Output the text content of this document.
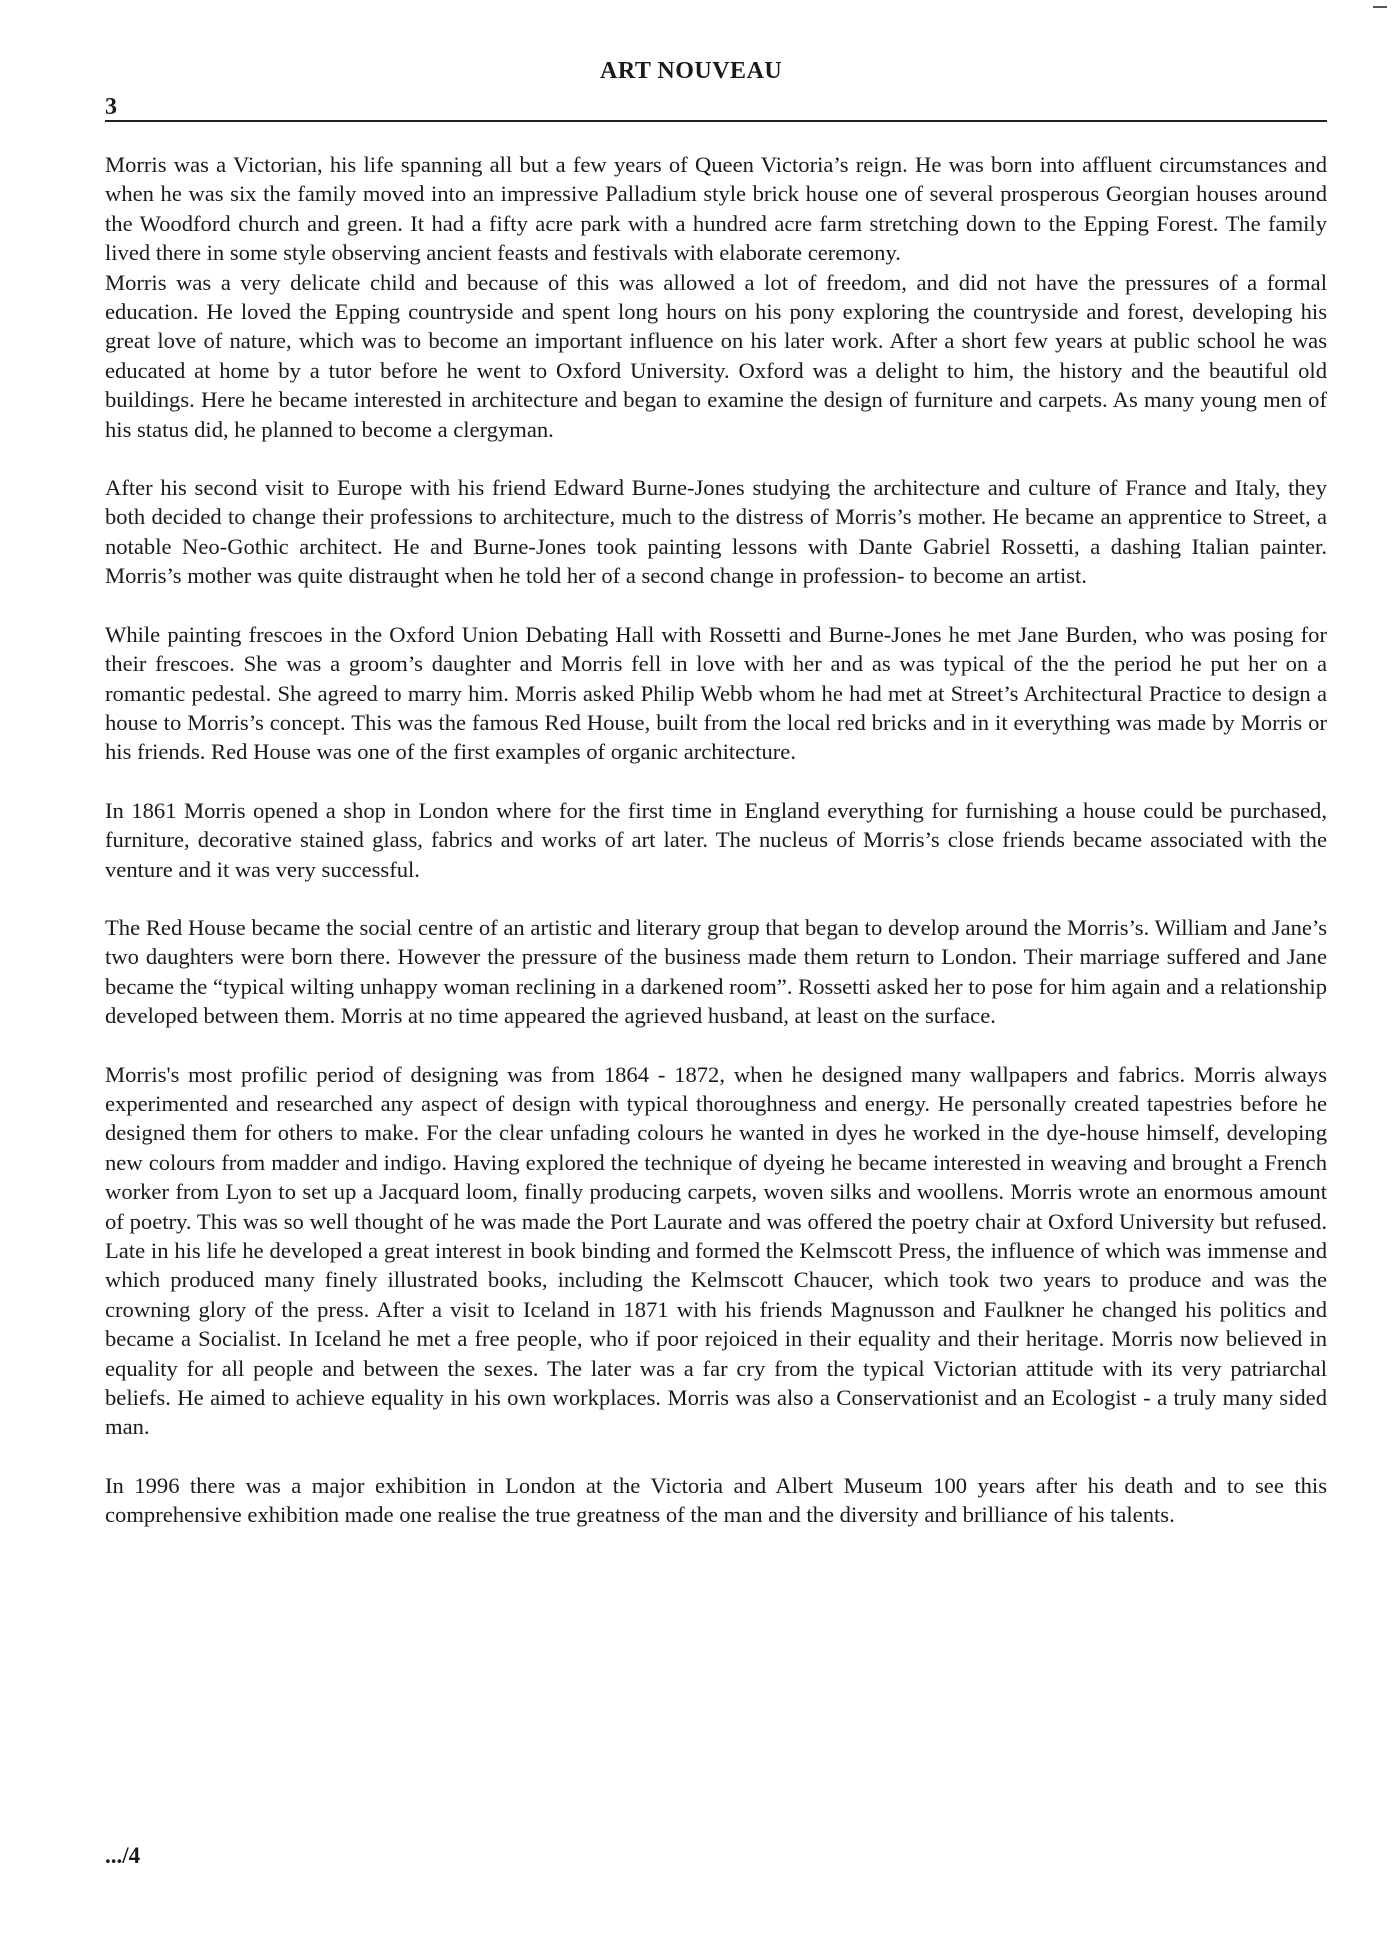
ART NOUVEAU
3

Morris was a Victorian, his life spanning all but a few years of Queen Victoria’s reign. He was born into affluent circumstances and when he was six the family moved into an impressive Palladium style brick house one of several prosperous Georgian houses around the Woodford church and green. It had a fifty acre park with a hundred acre farm stretching down to the Epping Forest. The family lived there in some style observing ancient feasts and festivals with elaborate ceremony.

Morris was a very delicate child and because of this was allowed a lot of freedom, and did not have the pressures of a formal education. He loved the Epping countryside and spent long hours on his pony exploring the countryside and forest, developing his great love of nature, which was to become an important influence on his later work. After a short few years at public school he was educated at home by a tutor before he went to Oxford University. Oxford was a delight to him, the history and the beautiful old buildings. Here he became interested in architecture and began to examine the design of furniture and carpets. As many young men of his status did, he planned to become a clergyman.

After his second visit to Europe with his friend Edward Burne-Jones studying the architecture and culture of France and Italy, they both decided to change their professions to architecture, much to the distress of Morris’s mother. He became an apprentice to Street, a notable Neo-Gothic architect. He and Burne-Jones took painting lessons with Dante Gabriel Rossetti, a dashing Italian painter. Morris’s mother was quite distraught when he told her of a second change in profession- to become an artist.

While painting frescoes in the Oxford Union Debating Hall with Rossetti and Burne-Jones he met Jane Burden, who was posing for their frescoes. She was a groom’s daughter and Morris fell in love with her and as was typical of the the period he put her on a romantic pedestal. She agreed to marry him. Morris asked Philip Webb whom he had met at Street’s Architectural Practice to design a house to Morris’s concept. This was the famous Red House, built from the local red bricks and in it everything was made by Morris or his friends. Red House was one of the first examples of organic architecture.

In 1861 Morris opened a shop in London where for the first time in England everything for furnishing a house could be purchased, furniture, decorative stained glass, fabrics and works of art later. The nucleus of Morris’s close friends became associated with the venture and it was very successful.

The Red House became the social centre of an artistic and literary group that began to develop around the Morris’s. William and Jane’s two daughters were born there. However the pressure of the business made them return to London. Their marriage suffered and Jane became the “typical wilting unhappy woman reclining in a darkened room”. Rossetti asked her to pose for him again and a relationship developed between them. Morris at no time appeared the agrieved husband, at least on the surface.

Morris's most profilic period of designing was from 1864 - 1872, when he designed many wallpapers and fabrics. Morris always experimented and researched any aspect of design with typical thoroughness and energy. He personally created tapestries before he designed them for others to make. For the clear unfading colours he wanted in dyes he worked in the dye-house himself, developing new colours from madder and indigo. Having explored the technique of dyeing he became interested in weaving and brought a French worker from Lyon to set up a Jacquard loom, finally producing carpets, woven silks and woollens. Morris wrote an enormous amount of poetry. This was so well thought of he was made the Port Laurate and was offered the poetry chair at Oxford University but refused. Late in his life he developed a great interest in book binding and formed the Kelmscott Press, the influence of which was immense and which produced many finely illustrated books, including the Kelmscott Chaucer, which took two years to produce and was the crowning glory of the press. After a visit to Iceland in 1871 with his friends Magnusson and Faulkner he changed his politics and became a Socialist. In Iceland he met a free people, who if poor rejoiced in their equality and their heritage. Morris now believed in equality for all people and between the sexes. The later was a far cry from the typical Victorian attitude with its very patriarchal beliefs. He aimed to achieve equality in his own workplaces. Morris was also a Conservationist and an Ecologist - a truly many sided man.

In 1996 there was a major exhibition in London at the Victoria and Albert Museum 100 years after his death and to see this comprehensive exhibition made one realise the true greatness of the man and the diversity and brilliance of his talents.

.../4
